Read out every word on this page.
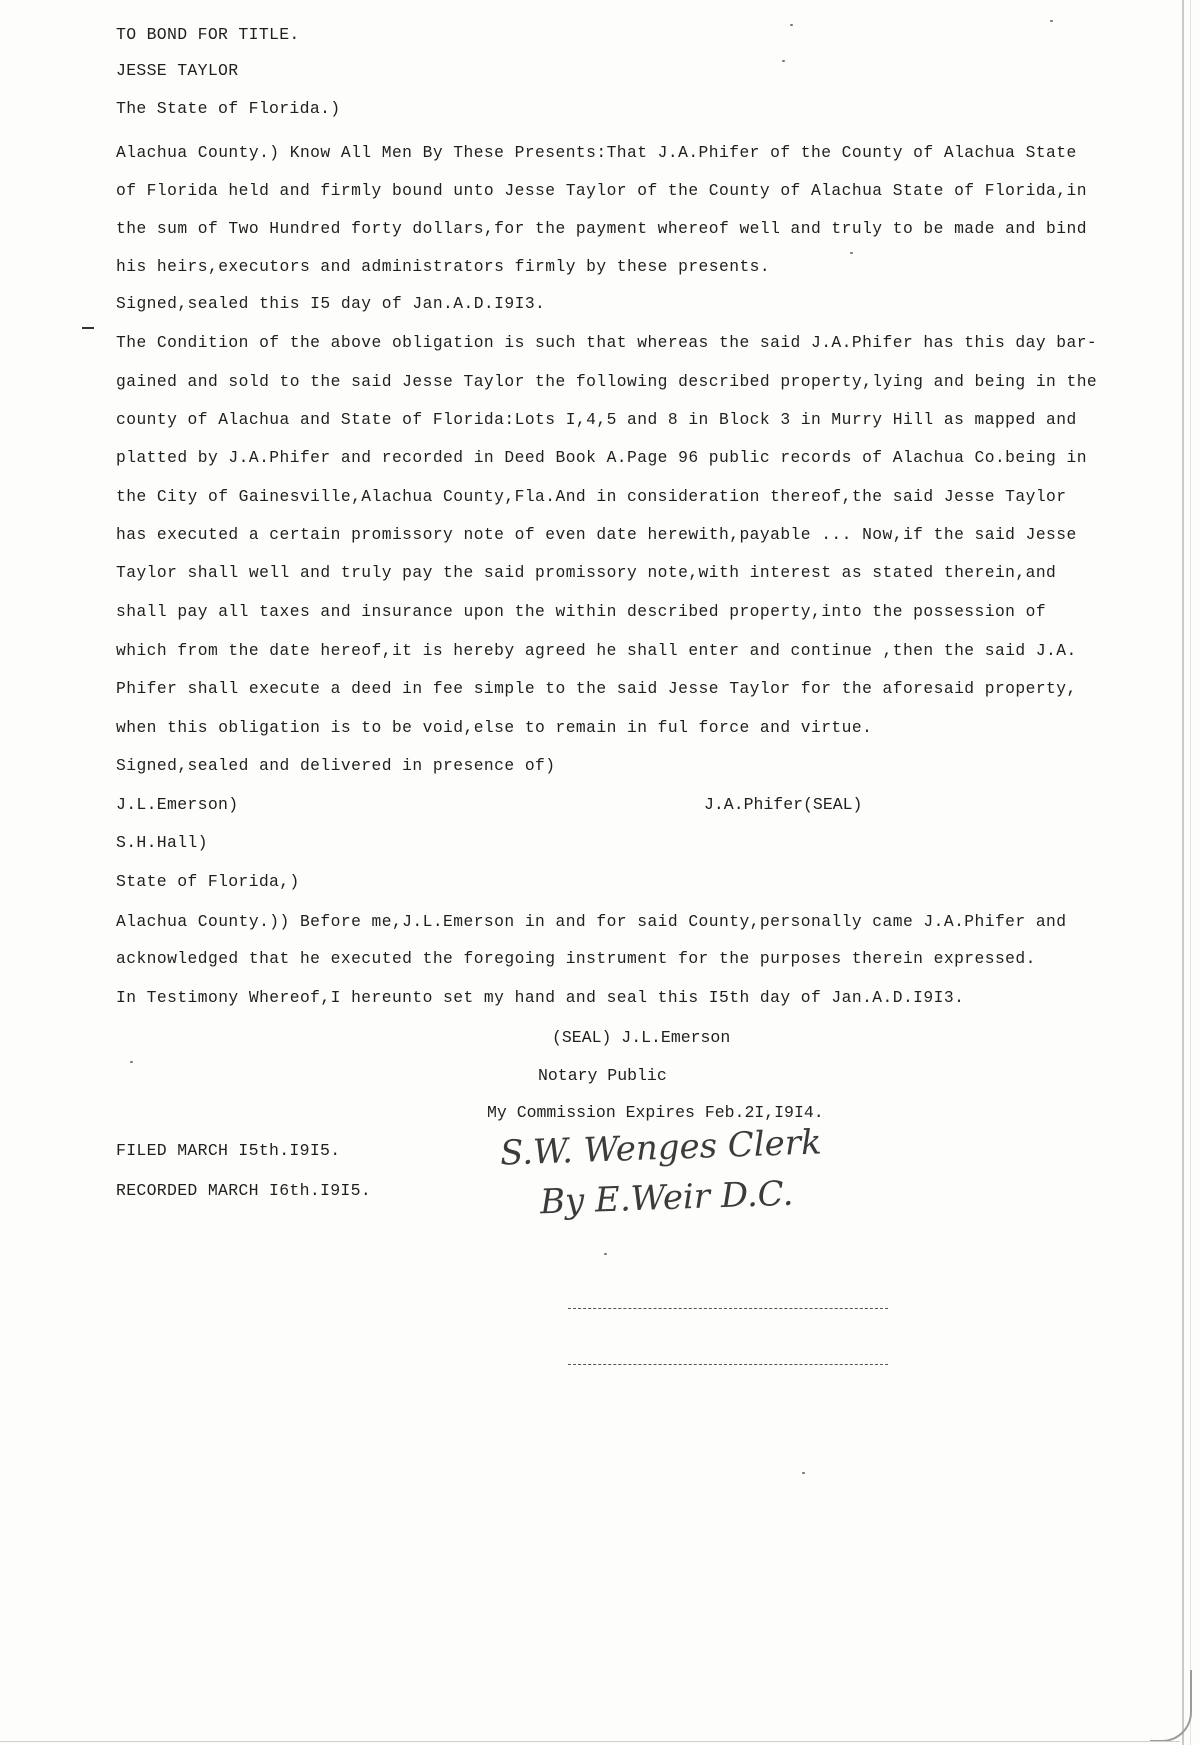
TO BOND FOR TITLE.
JESSE TAYLOR
The State of Florida.)
Alachua County.) Know All Men By These Presents:That J.A.Phifer of the County of Alachua State
of Florida held and firmly bound unto Jesse Taylor of the County of Alachua State of Florida,in
the sum of Two Hundred forty dollars,for the payment whereof well and truly to be made and bind
his heirs,executors and administrators firmly by these presents.
Signed,sealed this I5 day of Jan.A.D.I9I3.
The Condition of the above obligation is such that whereas the said J.A.Phifer has this day bar-
gained and sold to the said Jesse Taylor the following described property,lying and being in the
county of Alachua and State of Florida:Lots I,4,5 and 8 in Block 3 in Murry Hill as mapped and
platted by J.A.Phifer and recorded in Deed Book A.Page 96 public records of Alachua Co.being in
the City of Gainesville,Alachua County,Fla.And in consideration thereof,the said Jesse Taylor
has executed a certain promissory note of even date herewith,payable ... Now,if the said Jesse
Taylor shall well and truly pay the said promissory note,with interest as stated therein,and
shall pay all taxes and insurance upon the within described property,into the possession of
which from the date hereof,it is hereby agreed he shall enter and continue ,then the said J.A.
Phifer shall execute a deed in fee simple to the said Jesse Taylor for the aforesaid property,
when this obligation is to be void,else to remain in ful force and virtue.
Signed,sealed and delivered in presence of)
J.L.Emerson)	J.A.Phifer(SEAL)
S.H.Hall)
State of Florida,)
Alachua County.)) Before me,J.L.Emerson in and for said County,personally came J.A.Phifer and
acknowledged that he executed the foregoing instrument for the purposes therein expressed.
In Testimony Whereof,I hereunto set my hand and seal this I5th day of Jan.A.D.I9I3.
(SEAL) J.L.Emerson
Notary Public
My Commission Expires Feb.2I,I9I4.
FILED MARCH I5th.I9I5.
RECORDED MARCH I6th.I9I5.
S.W. Wenges Clerk
By E.Weir D.C.
